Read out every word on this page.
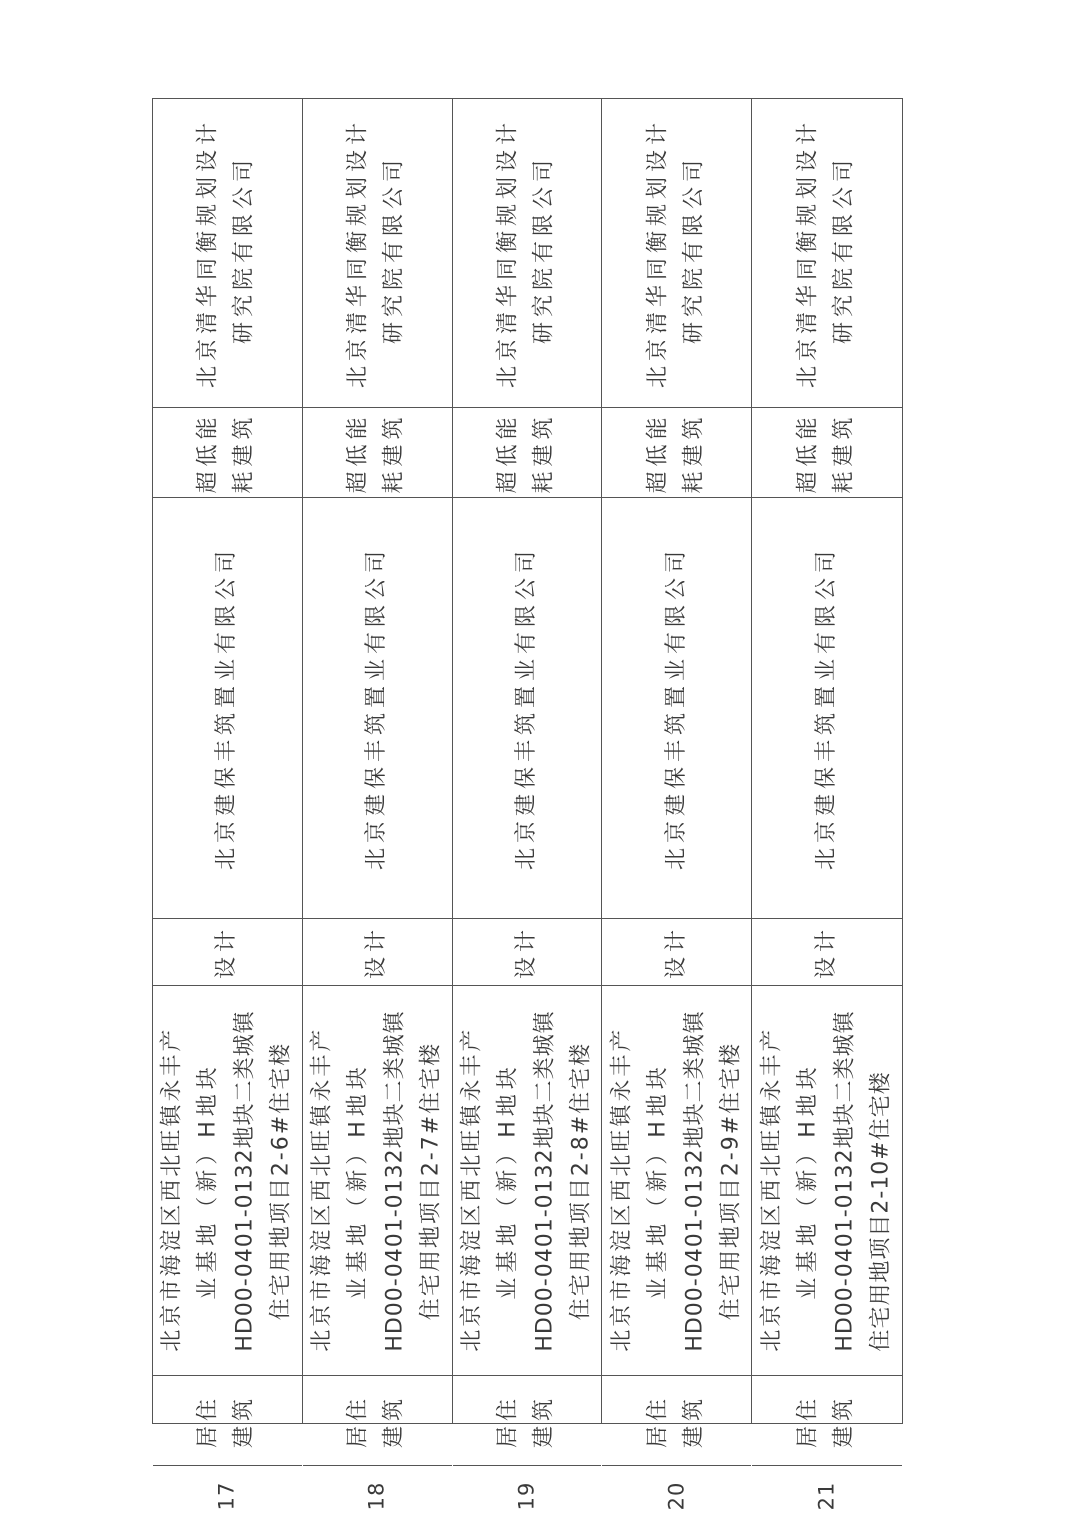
北京清华同衡规划设计 研究院有限公司
超低能 耗建筑
北京建保丰筑置业有限公司
设计
北京市海淀区西北旺镇永丰产 业基地（新）H地块 HD00-0401-0132地块二类城镇 住宅用地项目2-6#住宅楼
居住 建筑
17
北京清华同衡规划设计 研究院有限公司
超低能 耗建筑
北京建保丰筑置业有限公司
设计
北京市海淀区西北旺镇永丰产 业基地（新）H地块 HD00-0401-0132地块二类城镇 住宅用地项目2-7#住宅楼
居住 建筑
18
北京清华同衡规划设计 研究院有限公司
超低能 耗建筑
北京建保丰筑置业有限公司
设计
北京市海淀区西北旺镇永丰产 业基地（新）H地块 HD00-0401-0132地块二类城镇 住宅用地项目2-8#住宅楼
居住 建筑
19
北京清华同衡规划设计 研究院有限公司
超低能 耗建筑
北京建保丰筑置业有限公司
设计
北京市海淀区西北旺镇永丰产 业基地（新）H地块 HD00-0401-0132地块二类城镇 住宅用地项目2-9#住宅楼
居住 建筑
20
北京清华同衡规划设计 研究院有限公司
超低能 耗建筑
北京建保丰筑置业有限公司
设计
北京市海淀区西北旺镇永丰产 业基地（新）H地块 HD00-0401-0132地块二类城镇 住宅用地项目2-10#住宅楼
居住 建筑
21
